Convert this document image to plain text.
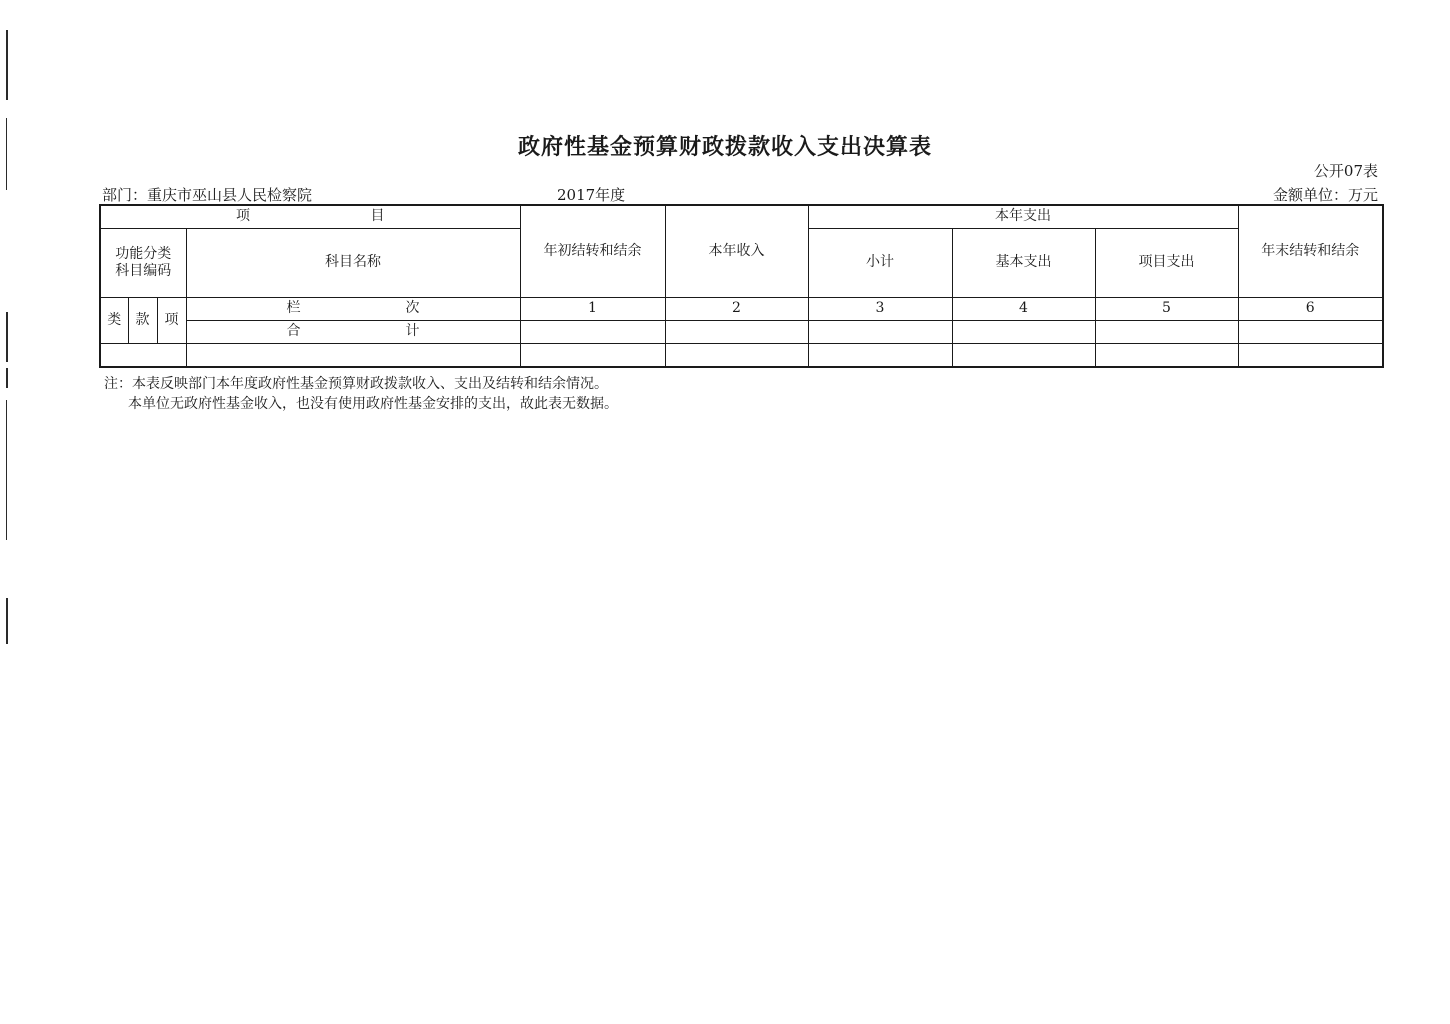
政府性基金预算财政拨款收入支出决算表
公开07表
部门：重庆市巫山县人民检察院	2017年度	金额单位：万元
项 目				年初结转和结余	本年收入	本年支出			年末结转和结余

功能分类科目编码			科目名称			小计	基本支出	项目支出	
类	款	项	栏 次	1	2	3	4	5	6

			合 计						

注：本表反映部门本年度政府性基金预算财政拨款收入、支出及结转和结余情况。
本单位无政府性基金收入，也没有使用政府性基金安排的支出，故此表无数据。
